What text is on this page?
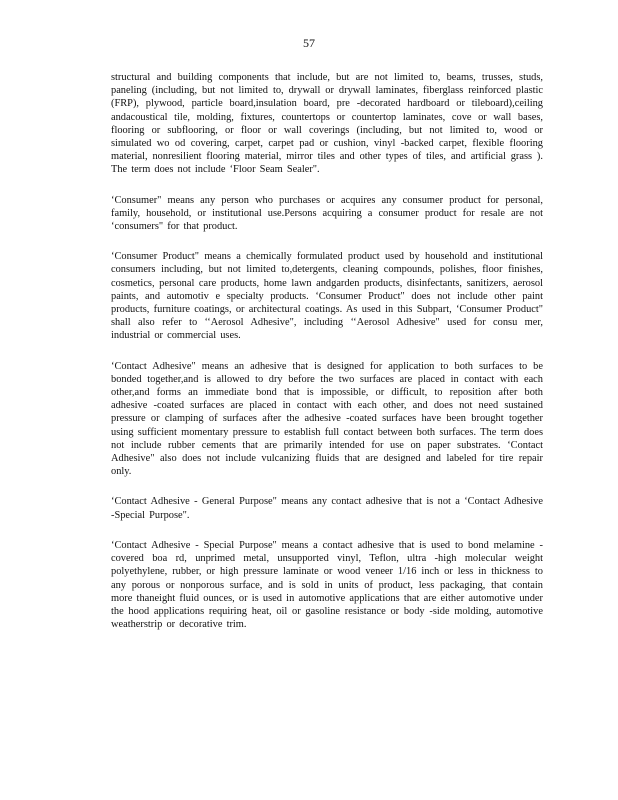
57

structural and building components that include, but are not limited to, beams, trusses, studs, paneling (including, but not limited to, drywall or drywall laminates, fiberglass reinforced plastic (FRP), plywood, particle board,insulation board, pre -decorated hardboard or tileboard),ceiling andacoustical tile, molding, fixtures, countertops or countertop laminates, cove or wall bases, flooring or subflooring, or floor or wall coverings (including, but not limited to, wood or simulated wo od covering, carpet, carpet pad or cushion, vinyl -backed carpet, flexible flooring material, nonresilient flooring material, mirror tiles and other types of tiles, and artificial grass ). The term does not include ‘Floor Seam Sealer".

‘Consumer" means any person who purchases or acquires any consumer product for personal, family, household, or institutional use.Persons acquiring a consumer product for resale are not ‘consumers" for that product.

‘Consumer Product" means a chemically formulated product used by household and institutional consumers including, but not limited to,detergents, cleaning compounds, polishes, floor finishes, cosmetics, personal care products, home lawn andgarden products, disinfectants, sanitizers, aerosol paints, and automotiv e specialty products. ‘Consumer Product" does not include other paint products, furniture coatings, or architectural coatings. As used in this Subpart, ‘Consumer Product" shall also refer to ‘‘Aerosol Adhesive", including ‘‘Aerosol Adhesive" used for consu mer, industrial or commercial uses.

‘Contact Adhesive" means an adhesive that is designed for application to both surfaces to be bonded together,and is allowed to dry before the two surfaces are placed in contact with each other,and forms an immediate bond that is impossible, or difficult, to reposition after both adhesive -coated surfaces are placed in contact with each other, and does not need sustained pressure or clamping of surfaces after the adhesive -coated surfaces have been brought together using sufficient momentary pressure to establish full contact between both surfaces. The term does not include rubber cements that are primarily intended for use on paper substrates. ‘Contact Adhesive" also does not include vulcanizing fluids that are designed and labeled for tire repair only.

‘Contact Adhesive - General Purpose" means any contact adhesive that is not a ‘Contact Adhesive -Special Purpose".

‘Contact Adhesive - Special Purpose" means a contact adhesive that is used to bond melamine -covered boa rd, unprimed metal, unsupported vinyl, Teflon, ultra -high molecular weight polyethylene, rubber, or high pressure laminate or wood veneer 1/16 inch or less in thickness to any porous or nonporous surface, and is sold in units of product, less packaging, that contain more thaneight fluid ounces, or is used in automotive applications that are either automotive under the hood applications requiring heat, oil or gasoline resistance or body -side molding, automotive weatherstrip or decorative trim.
